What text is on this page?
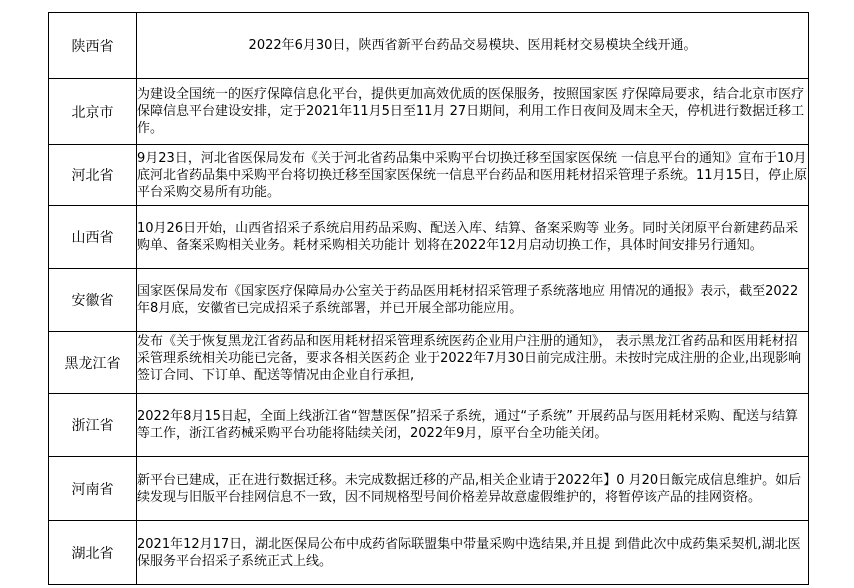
陕西省	2022年6月30日，陕西省新平台药品交易模块、医用耗材交易模块全线开通。
北京市	为建设全国统一的医疗保障信息化平台，提供更加高效优质的医保服务，按照国家医 疗保障局要求，结合北京市医疗保障信息平台建设安排，定于2021年11月5日至11月 27日期间，利用工作日夜间及周末全天，停机进行数据迁移工作。
河北省	9月23日，河北省医保局发布《关于河北省药品集中采购平台切换迁移至国家医保统 一信息平台的通知》宣布于10月底河北省药品集中采购平台将切换迁移至国家医保统一信息平台药品和医用耗材招采管理子系统。11月15日，停止原平台采购交易所有功能。
山西省	10月26日开始，山西省招采子系统启用药品采购、配送入库、结算、备案采购等 业务。同时关闭原平台新建药品采购单、备案采购相关业务。耗材采购相关功能计 划将在2022年12月启动切换工作，具体时间安排另行通知。
安徽省	国家医保局发布《国家医疗保障局办公室关于药品医用耗材招采管理子系统落地应 用情况的通报》表示，截至2022年8月底，安徽省已完成招采子系统部署，并已开展全部功能应用。
黑龙江省	发布《关于恢复黑龙江省药品和医用耗材招采管理系统医药企业用户注册的通知》， 表示黑龙江省药品和医用耗材招采管理系统相关功能已完备，要求各相关医药企 业于2022年7月30日前完成注册。未按时完成注册的企业,出现影响签订合同、下订单、配送等情况由企业自行承担,

浙江省	2022年8月15日起，全面上线浙江省“智慧医保”招采子系统，通过“子系统” 开展药品与医用耗材采购、配送与结算等工作，浙江省药械采购平台功能将陆续关闭，2022年9月，原平台全功能关闭。
河南省	新平台已建成，正在进行数据迁移。未完成数据迁移的产品,相关企业请于2022年】0 月20日飯完成信息维护。如后续发现与旧版平台挂网信息不一致，因不同规格型号间价格差异故意虚假维护的，将暂停该产品的挂网资格。
湖北省	2021年12月17日，湖北医保局公布中成药省际联盟集中带量采购中选结果,并且提 到借此次中成药集采契机,湖北医保服务平台招采子系统正式上线。
